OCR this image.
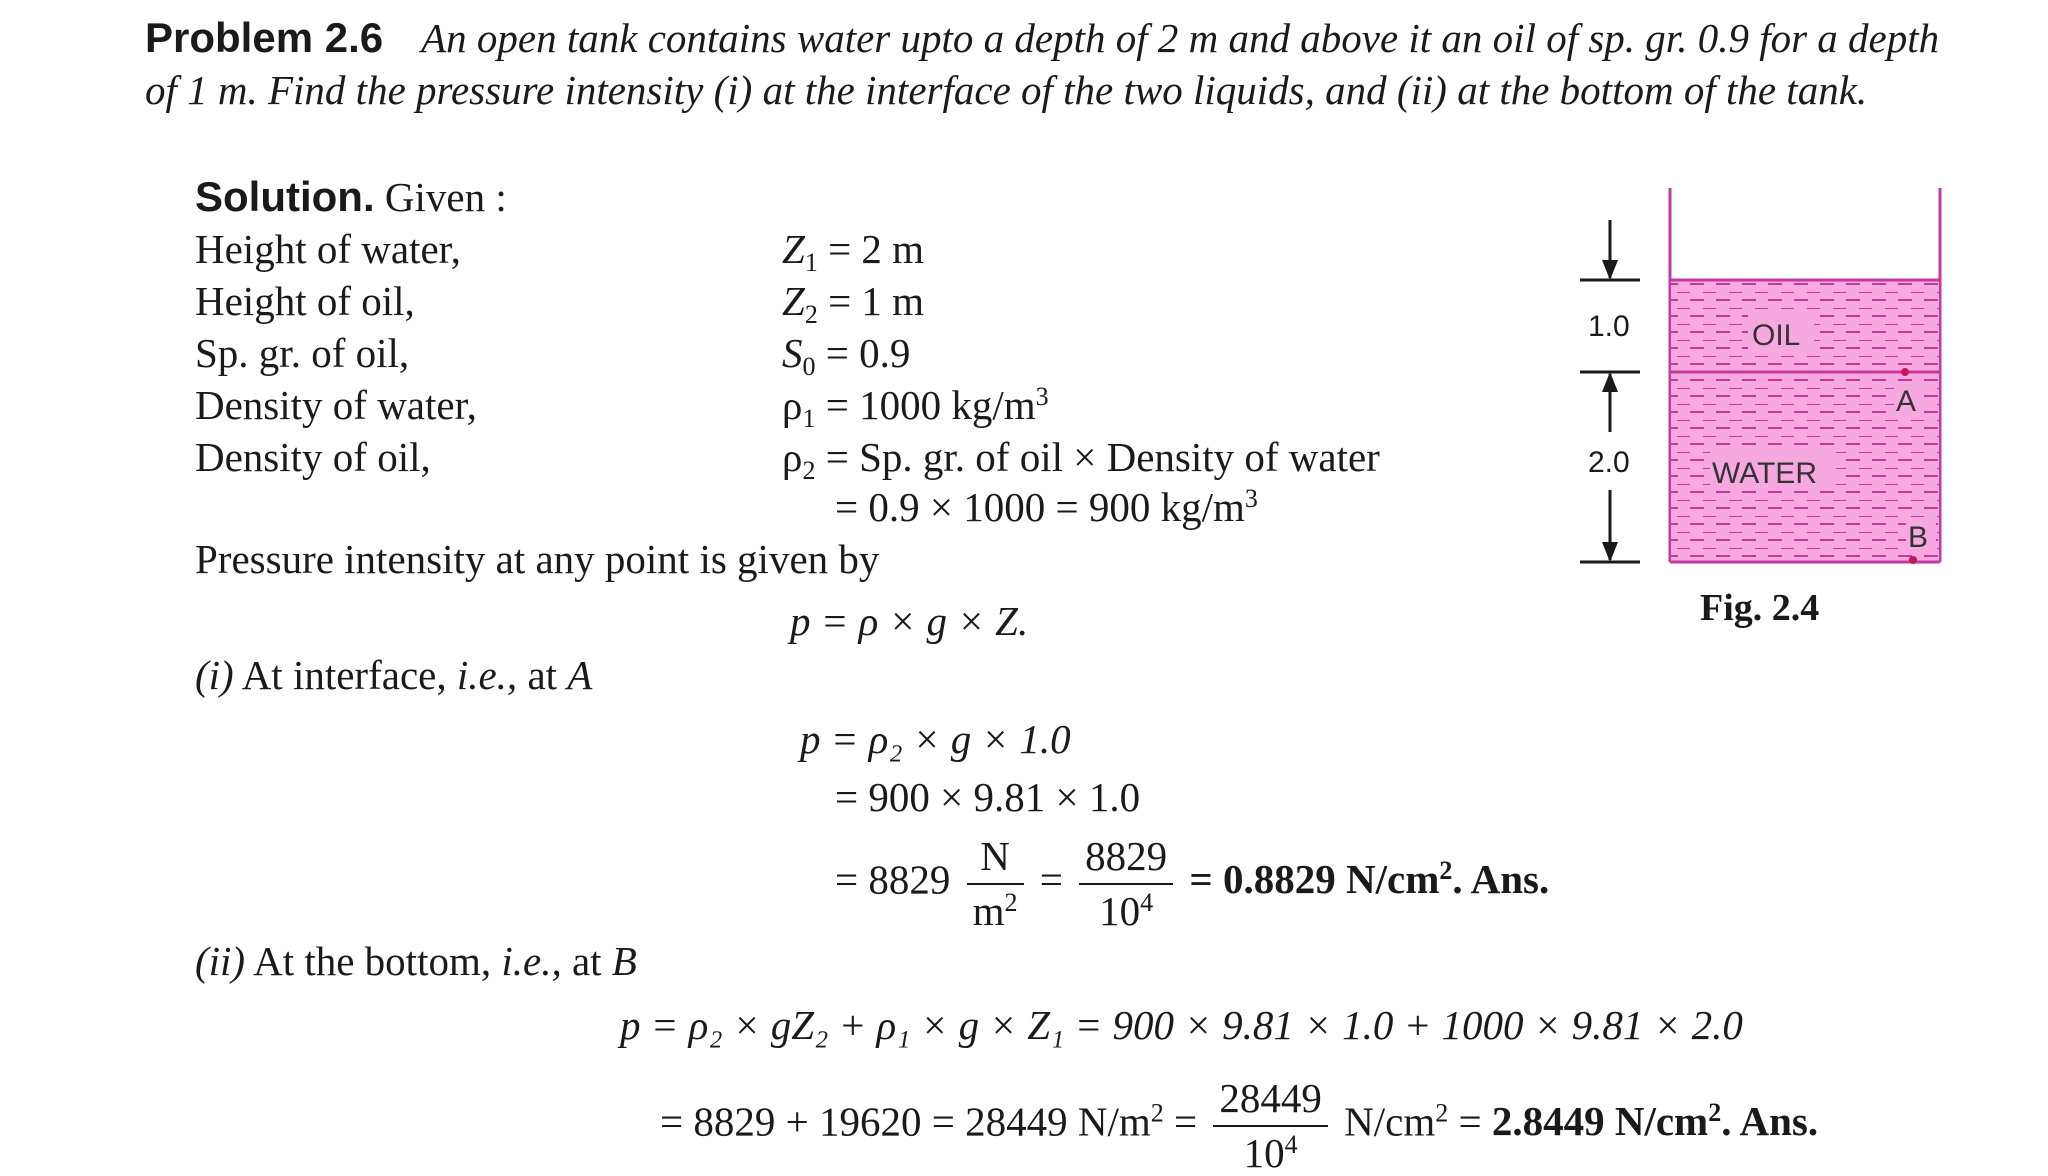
Problem 2.6 An open tank contains water upto a depth of 2 m and above it an oil of sp. gr. 0.9 for a depth of 1 m. Find the pressure intensity (i) at the interface of the two liquids, and (ii) at the bottom of the tank.
Solution. Given :
Height of water,	$Z_1 = 2$ m
Height of oil,	$Z_2 = 1$ m
Sp. gr. of oil,	$S_0 = 0.9$
Density of water,	$\rho_1 = 1000$ $kg/m^3$
Density of oil,	$\rho_2 = Sp$. gr. of oil × Density of water
= 0.9 × 1000 = 900 $kg/m^3$
Pressure intensity at any point is given by
p = ρ × g × Z.
(i) At interface, i.e., at A
p = ρ₂ × g × 1.0
= 900 × 9.81 × 1.0
= $8829 \frac{N}{m^2} = \frac{8829}{10^4} = 0.8829$ $N/cm^2$. Ans.
(ii) At the bottom, i.e., at B
p = ρ₂ × gZ₂ + ρ₁ × g × Z₁ = 900 × 9.81 × 1.0 + 1000 × 9.81 × 2.0
= 8829 + 19620 = 28449 $N/m^2 = \frac{28449}{10^4} N/cm^2 = 2.8449$ $N/cm^2$. Ans.
OIL
WATER
A
B
1.0
2.0
Fig. 2.4
